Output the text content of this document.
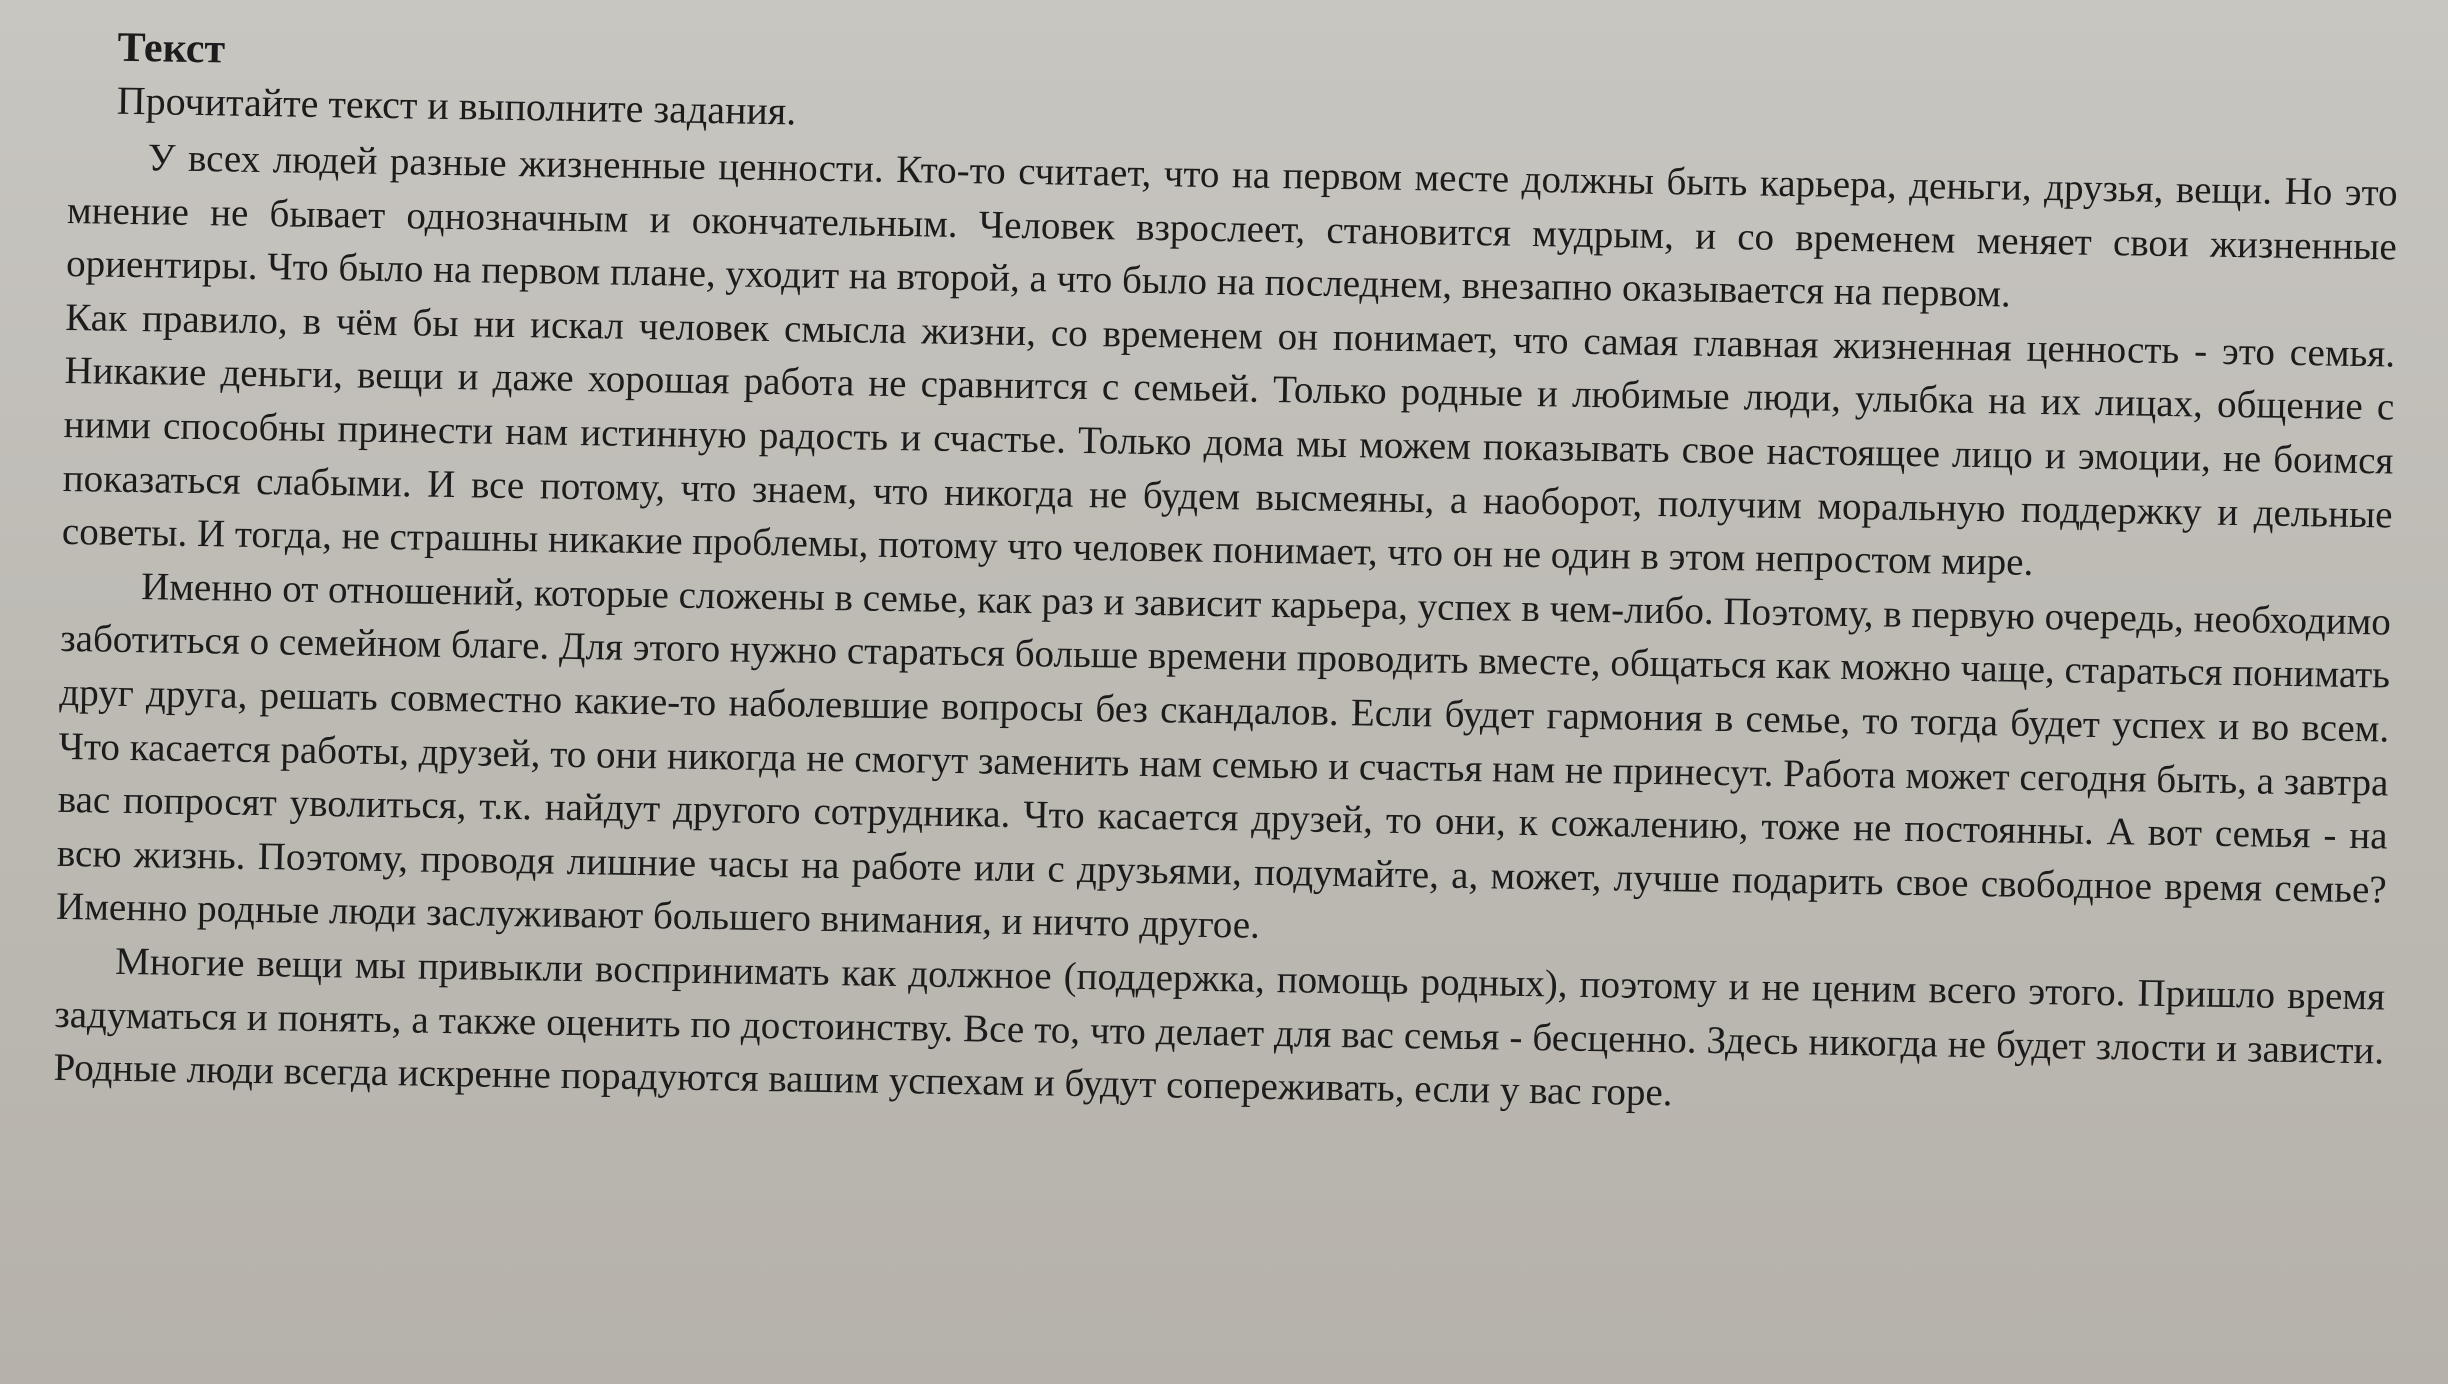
Текст
Прочитайте текст и выполните задания.

У всех людей разные жизненные ценности. Кто-то считает, что на первом месте должны быть карьера, деньги, друзья, вещи. Но это мнение не бывает однозначным и окончательным. Человек взрослеет, становится мудрым, и со временем меняет свои жизненные ориентиры. Что было на первом плане, уходит на второй, а что было на последнем, внезапно оказывается на первом.

Как правило, в чём бы ни искал человек смысла жизни, со временем он понимает, что самая главная жизненная ценность - это семья. Никакие деньги, вещи и даже хорошая работа не сравнится с семьей. Только родные и любимые люди, улыбка на их лицах, общение с ними способны принести нам истинную радость и счастье. Только дома мы можем показывать свое настоящее лицо и эмоции, не боимся показаться слабыми. И все потому, что знаем, что никогда не будем высмеяны, а наоборот, получим моральную поддержку и дельные советы. И тогда, не страшны никакие проблемы, потому что человек понимает, что он не один в этом непростом мире.

Именно от отношений, которые сложены в семье, как раз и зависит карьера, успех в чем-либо. Поэтому, в первую очередь, необходимо заботиться о семейном благе. Для этого нужно стараться больше времени проводить вместе, общаться как можно чаще, стараться понимать друг друга, решать совместно какие-то наболевшие вопросы без скандалов. Если будет гармония в семье, то тогда будет успех и во всем. Что касается работы, друзей, то они никогда не смогут заменить нам семью и счастья нам не принесут. Работа может сегодня быть, а завтра вас попросят уволиться, т.к. найдут другого сотрудника. Что касается друзей, то они, к сожалению, тоже не постоянны. А вот семья - на всю жизнь. Поэтому, проводя лишние часы на работе или с друзьями, подумайте, а, может, лучше подарить свое свободное время семье? Именно родные люди заслуживают большего внимания, и ничто другое.

Многие вещи мы привыкли воспринимать как должное (поддержка, помощь родных), поэтому и не ценим всего этого. Пришло время задуматься и понять, а также оценить по достоинству. Все то, что делает для вас семья - бесценно. Здесь никогда не будет злости и зависти. Родные люди всегда искренне порадуются вашим успехам и будут сопереживать, если у вас горе.
